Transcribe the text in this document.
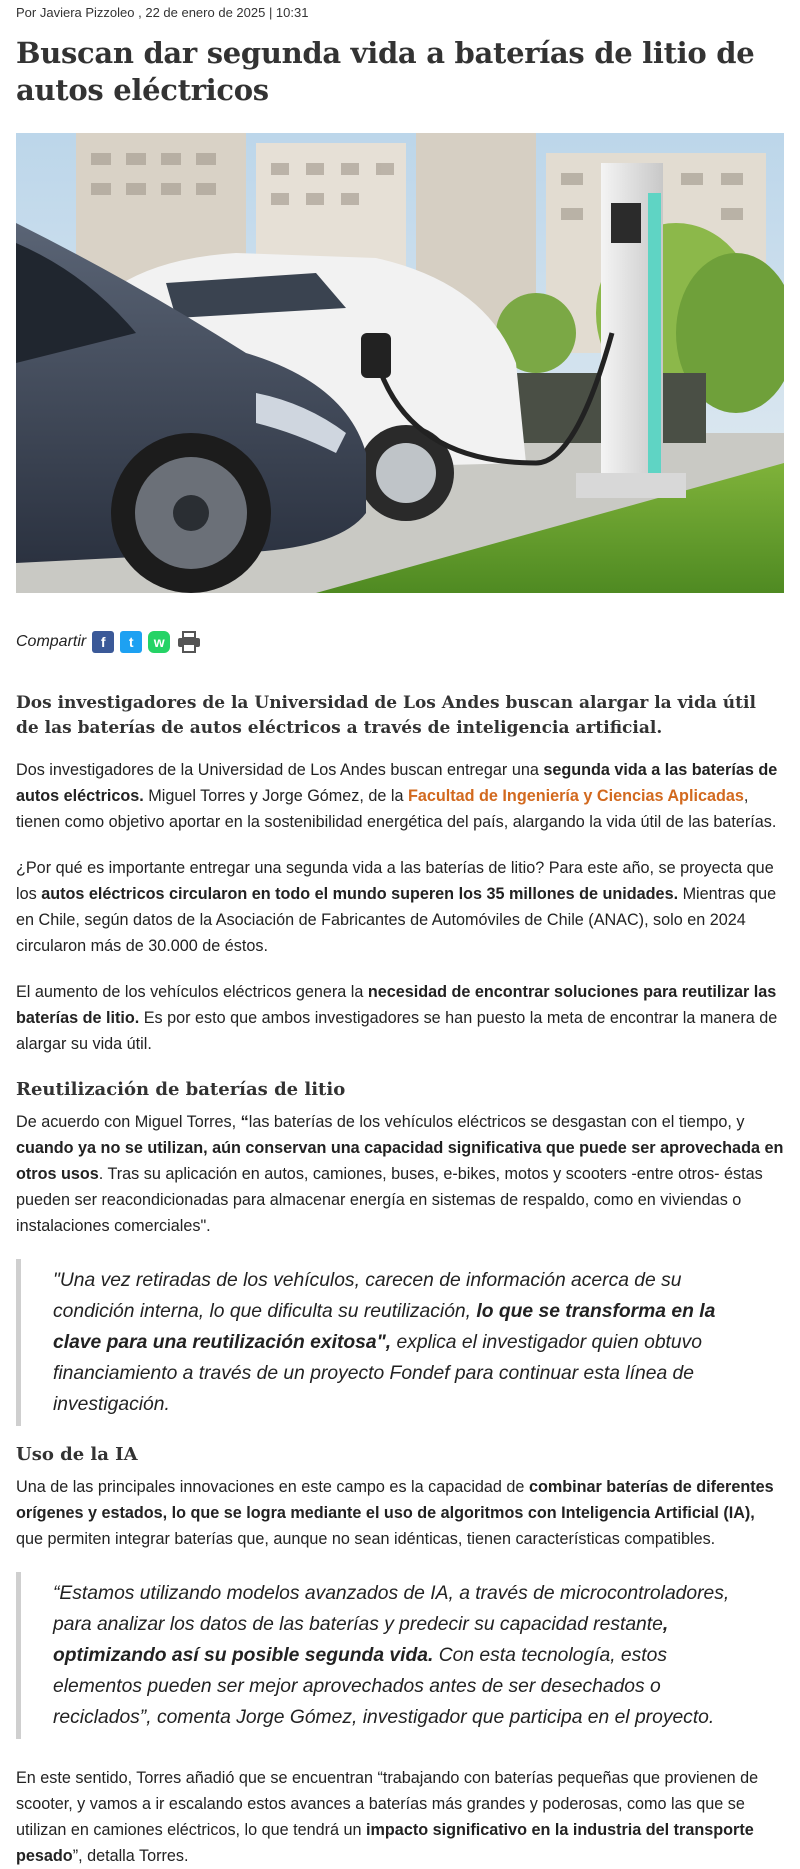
Por Javiera Pizzoleo , 22 de enero de 2025 | 10:31
Buscan dar segunda vida a baterías de litio de autos eléctricos
Compartir	f	t	w
Dos investigadores de la Universidad de Los Andes buscan alargar la vida útil de las baterías de autos eléctricos a través de inteligencia artificial.

Dos investigadores de la Universidad de Los Andes buscan entregar una segunda vida a las baterías de autos eléctricos. Miguel Torres y Jorge Gómez, de la Facultad de Ingeniería y Ciencias Aplicadas, tienen como objetivo aportar en la sostenibilidad energética del país, alargando la vida útil de las baterías.

¿Por qué es importante entregar una segunda vida a las baterías de litio? Para este año, se proyecta que los autos eléctricos circularon en todo el mundo superen los 35 millones de unidades. Mientras que en Chile, según datos de la Asociación de Fabricantes de Automóviles de Chile (ANAC), solo en 2024 circularon más de 30.000 de éstos.

El aumento de los vehículos eléctricos genera la necesidad de encontrar soluciones para reutilizar las baterías de litio. Es por esto que ambos investigadores se han puesto la meta de encontrar la manera de alargar su vida útil.

Reutilización de baterías de litio

De acuerdo con Miguel Torres, “las baterías de los vehículos eléctricos se desgastan con el tiempo, y cuando ya no se utilizan, aún conservan una capacidad significativa que puede ser aprovechada en otros usos. Tras su aplicación en autos, camiones, buses, e-bikes, motos y scooters -entre otros- éstas pueden ser reacondicionadas para almacenar energía en sistemas de respaldo, como en viviendas o instalaciones comerciales".

"Una vez retiradas de los vehículos, carecen de información acerca de su condición interna, lo que dificulta su reutilización, lo que se transforma en la clave para una reutilización exitosa", explica el investigador quien obtuvo financiamiento a través de un proyecto Fondef para continuar esta línea de investigación.
Uso de la IA

Una de las principales innovaciones en este campo es la capacidad de combinar baterías de diferentes orígenes y estados, lo que se logra mediante el uso de algoritmos con Inteligencia Artificial (IA), que permiten integrar baterías que, aunque no sean idénticas, tienen características compatibles.

“Estamos utilizando modelos avanzados de IA, a través de microcontroladores, para analizar los datos de las baterías y predecir su capacidad restante, optimizando así su posible segunda vida. Con esta tecnología, estos elementos pueden ser mejor aprovechados antes de ser desechados o reciclados”, comenta Jorge Gómez, investigador que participa en el proyecto.

En este sentido, Torres añadió que se encuentran “trabajando con baterías pequeñas que provienen de scooter, y vamos a ir escalando estos avances a baterías más grandes y poderosas, como las que se utilizan en camiones eléctricos, lo que tendrá un impacto significativo en la industria del transporte pesado”, detalla Torres.
